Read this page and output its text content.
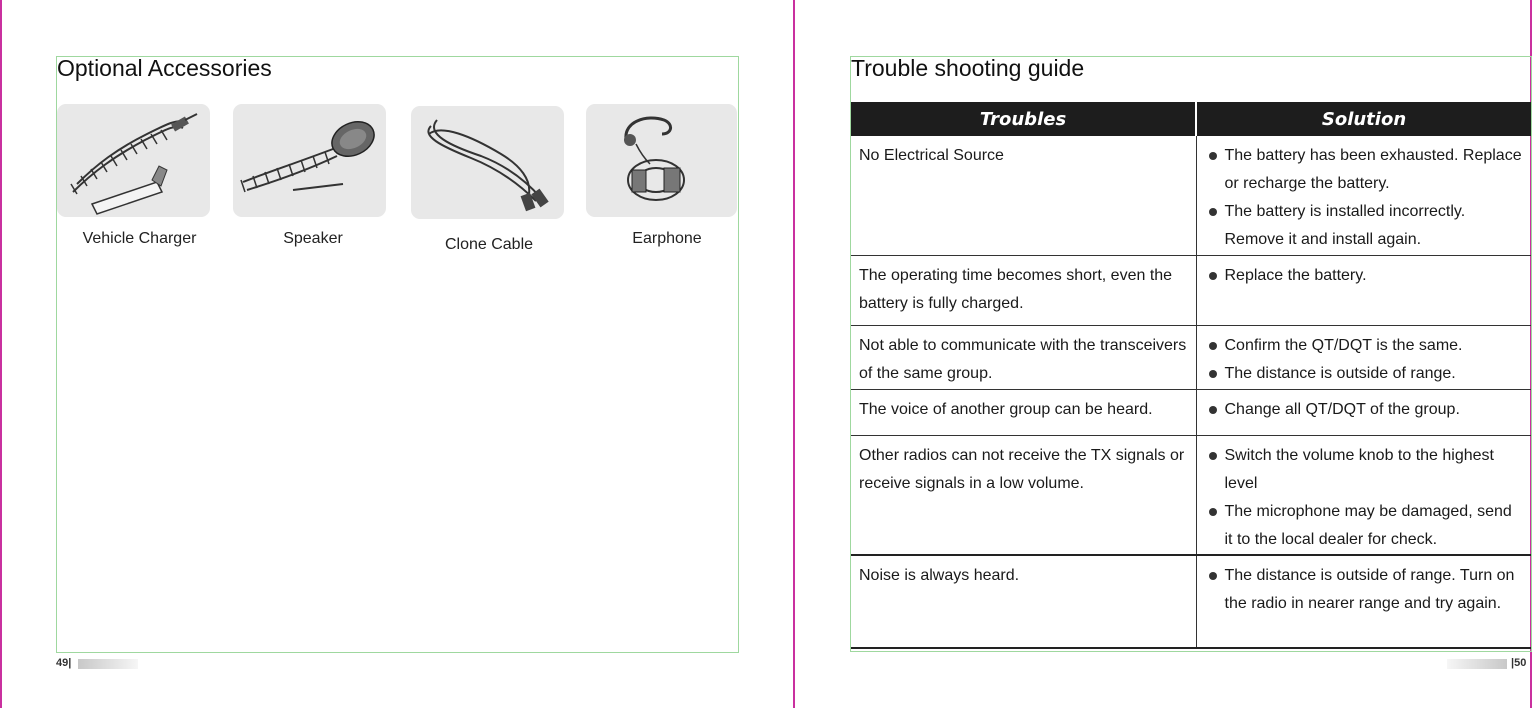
Optional Accessories
Vehicle Charger	Speaker	Clone Cable	Earphone
49|
Trouble shooting guide
Troubles	Solution
No Electrical Source	The battery has been exhausted. Replace or recharge the battery.
The battery is installed incorrectly. Remove it and install again.

The operating time becomes short, even the battery is fully charged.	Replace the battery.

Not able to communicate with the transceivers of the same group.	Confirm the QT/DQT is the same.
The distance is outside of range.

The voice of another group can be heard.	Change all QT/DQT of the group.

Other radios can not receive the TX signals or receive signals in a low volume.	Switch the volume knob to the highest level
The microphone may be damaged, send it to the local dealer for check.

Noise is always heard.	The distance is outside of range. Turn on the radio in nearer range and try again.
|50
